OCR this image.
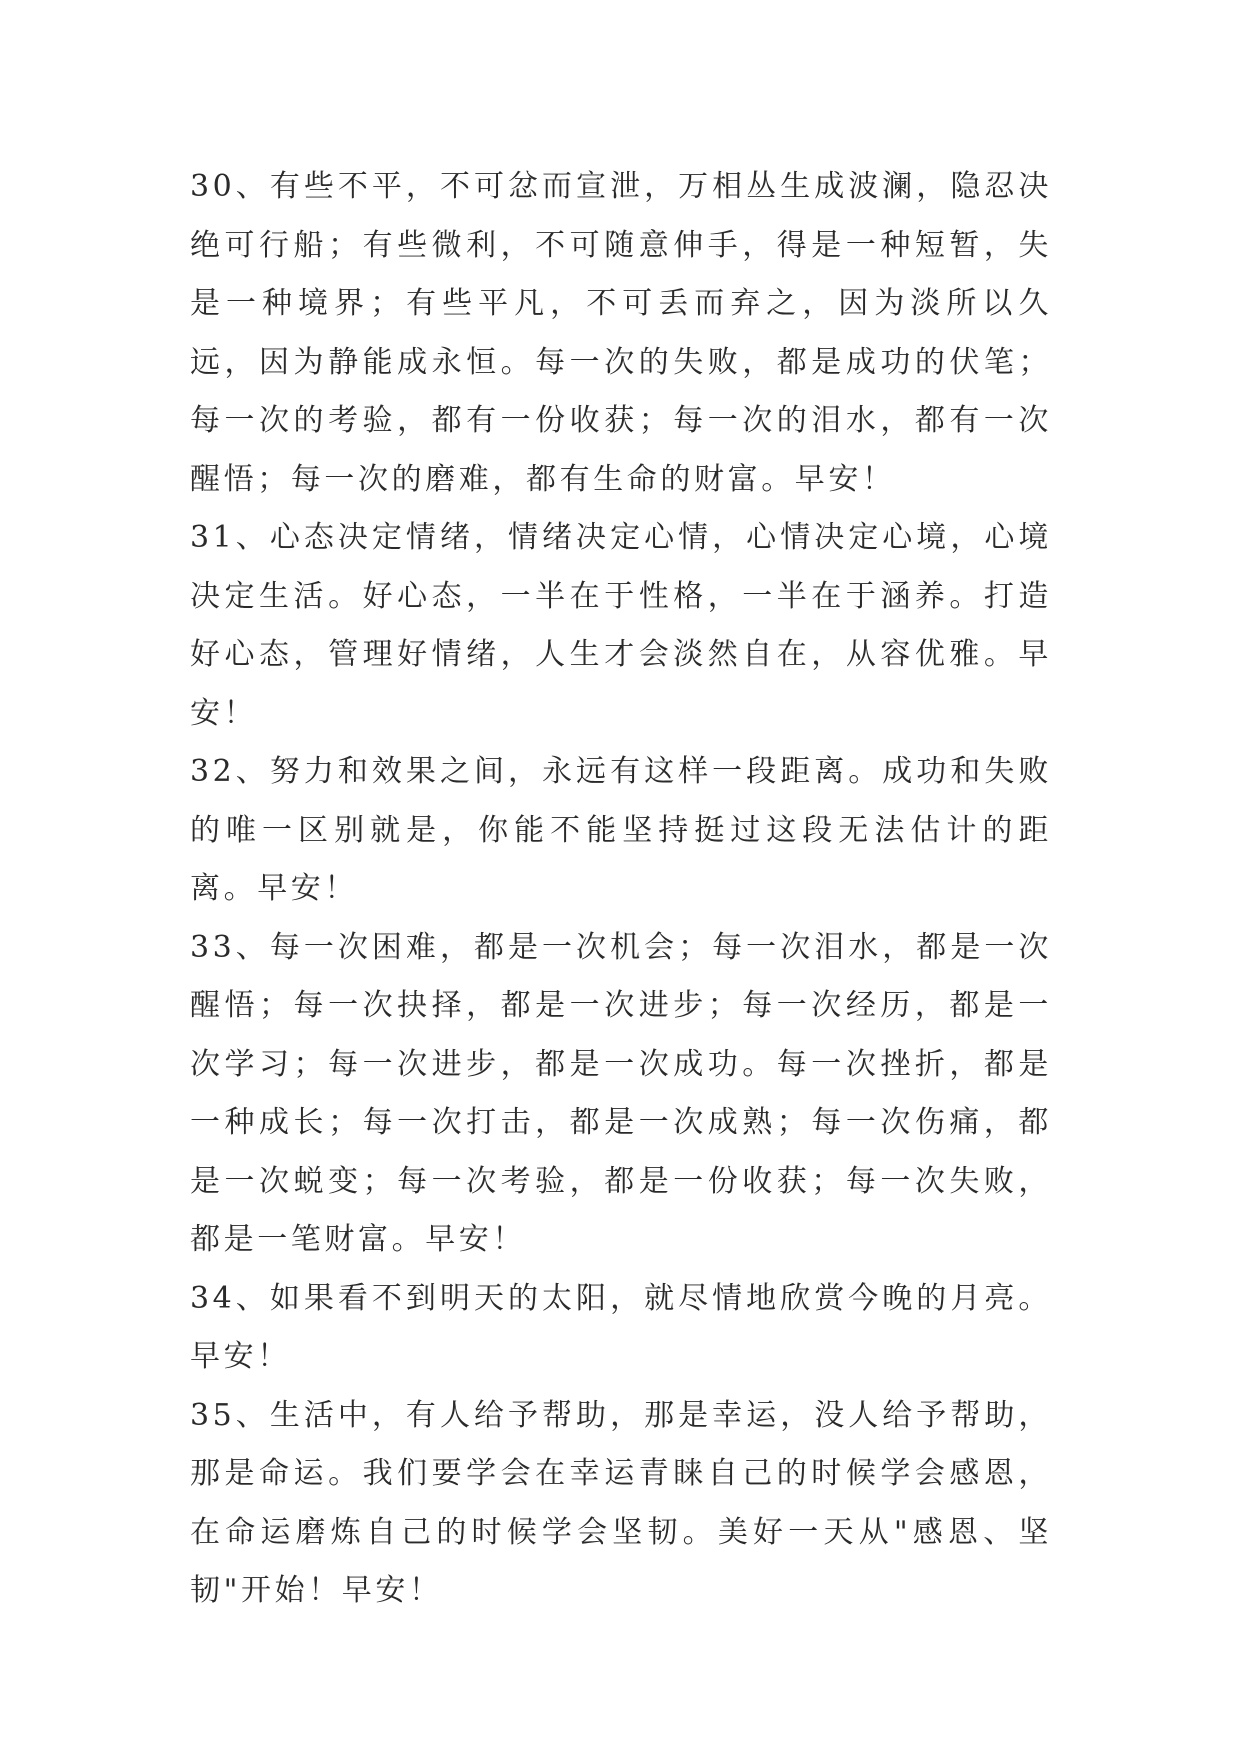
30、有些不平，不可忿而宣泄，万相丛生成波澜，隐忍决绝可行船；有些微利，不可随意伸手，得是一种短暂，失是一种境界；有些平凡，不可丢而弃之，因为淡所以久远，因为静能成永恒。每一次的失败，都是成功的伏笔；每一次的考验，都有一份收获；每一次的泪水，都有一次醒悟；每一次的磨难，都有生命的财富。早安！

31、心态决定情绪，情绪决定心情，心情决定心境，心境决定生活。好心态，一半在于性格，一半在于涵养。打造好心态，管理好情绪，人生才会淡然自在，从容优雅。早安！

32、努力和效果之间，永远有这样一段距离。成功和失败的唯一区别就是，你能不能坚持挺过这段无法估计的距离。早安！

33、每一次困难，都是一次机会；每一次泪水，都是一次醒悟；每一次抉择，都是一次进步；每一次经历，都是一次学习；每一次进步，都是一次成功。每一次挫折，都是一种成长；每一次打击，都是一次成熟；每一次伤痛，都是一次蜕变；每一次考验，都是一份收获；每一次失败，都是一笔财富。早安！

34、如果看不到明天的太阳，就尽情地欣赏今晚的月亮。早安！

35、生活中，有人给予帮助，那是幸运，没人给予帮助，那是命运。我们要学会在幸运青睐自己的时候学会感恩，在命运磨炼自己的时候学会坚韧。美好一天从"感恩、坚韧"开始！早安！
